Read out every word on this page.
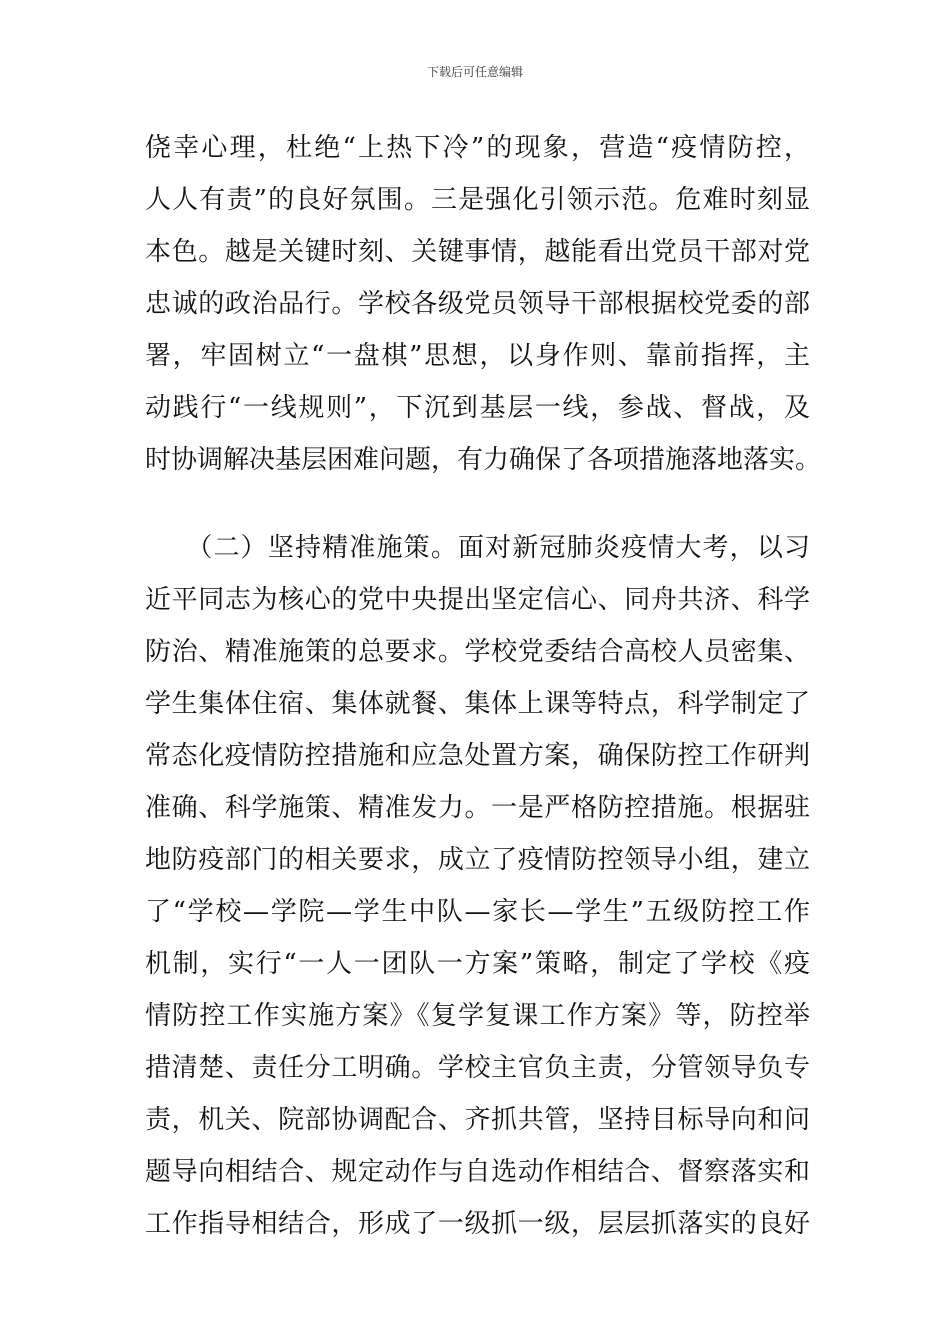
下载后可任意编辑
侥幸心理，杜绝“上热下冷”的现象，营造“疫情防控，
人人有责”的良好氛围。三是强化引领示范。危难时刻显
本色。越是关键时刻、关键事情，越能看出党员干部对党
忠诚的政治品行。学校各级党员领导干部根据校党委的部
署，牢固树立“一盘棋”思想，以身作则、靠前指挥，主
动践行“一线规则”，下沉到基层一线，参战、督战，及
时协调解决基层困难问题，有力确保了各项措施落地落实。
　　（二）坚持精准施策。面对新冠肺炎疫情大考，以习
近平同志为核心的党中央提出坚定信心、同舟共济、科学
防治、精准施策的总要求。学校党委结合高校人员密集、
学生集体住宿、集体就餐、集体上课等特点，科学制定了
常态化疫情防控措施和应急处置方案，确保防控工作研判
准确、科学施策、精准发力。一是严格防控措施。根据驻
地防疫部门的相关要求，成立了疫情防控领导小组，建立
了“学校—学院—学生中队—家长—学生”五级防控工作
机制，实行“一人一团队一方案”策略，制定了学校《疫
情防控工作实施方案》《复学复课工作方案》等，防控举
措清楚、责任分工明确。学校主官负主责，分管领导负专
责，机关、院部协调配合、齐抓共管，坚持目标导向和问
题导向相结合、规定动作与自选动作相结合、督察落实和
工作指导相结合，形成了一级抓一级，层层抓落实的良好
